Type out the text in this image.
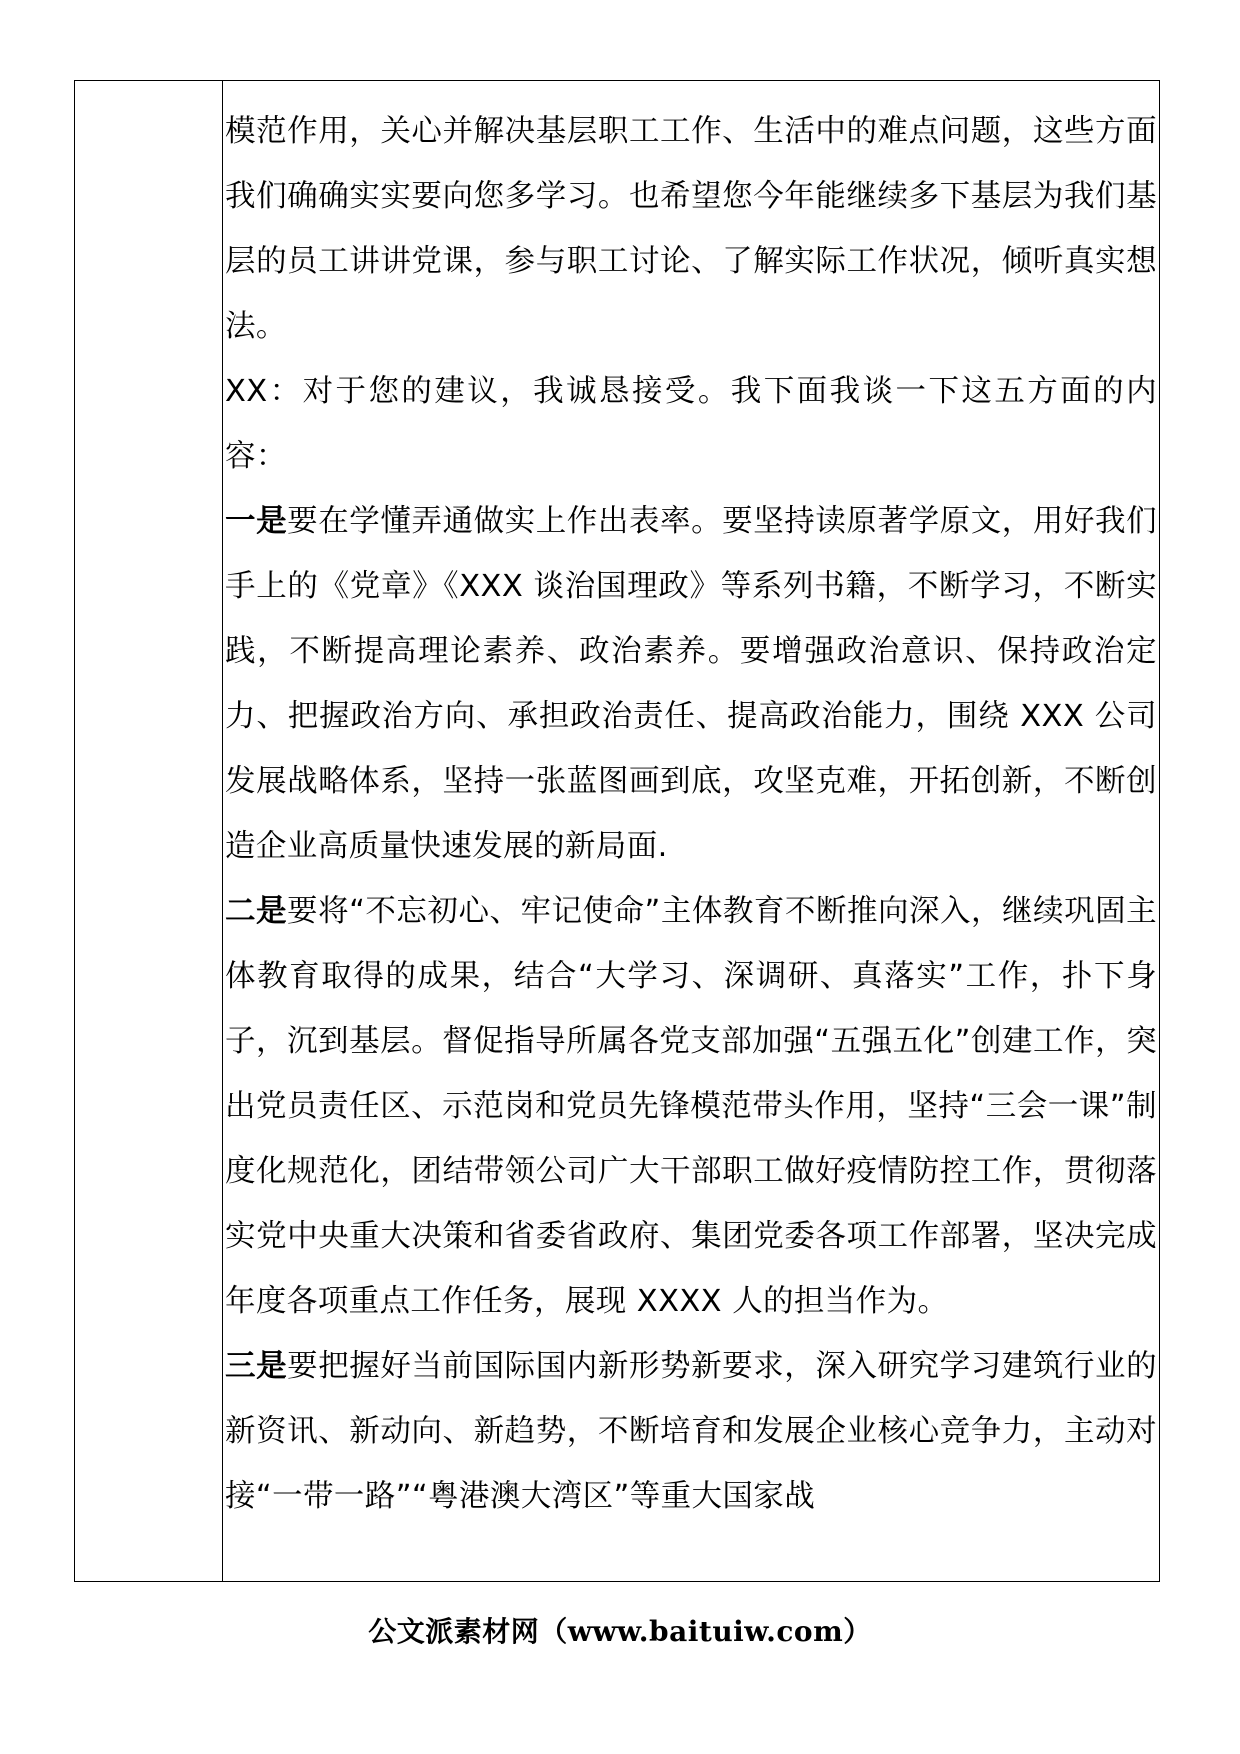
模范作用，关心并解决基层职工工作、生活中的难点问题，这些方面我们确确实实要向您多学习。也希望您今年能继续多下基层为我们基层的员工讲讲党课，参与职工讨论、了解实际工作状况，倾听真实想法。

XX：对于您的建议，我诚恳接受。我下面我谈一下这五方面的内容：

一是要在学懂弄通做实上作出表率。要坚持读原著学原文，用好我们手上的《党章》《XXX 谈治国理政》等系列书籍，不断学习，不断实践，不断提高理论素养、政治素养。要增强政治意识、保持政治定力、把握政治方向、承担政治责任、提高政治能力，围绕 XXX 公司发展战略体系，坚持一张蓝图画到底，攻坚克难，开拓创新，不断创造企业高质量快速发展的新局面.

二是要将“不忘初心、牢记使命”主体教育不断推向深入，继续巩固主体教育取得的成果，结合“大学习、深调研、真落实”工作，扑下身子，沉到基层。督促指导所属各党支部加强“五强五化”创建工作，突出党员责任区、示范岗和党员先锋模范带头作用，坚持“三会一课”制度化规范化，团结带领公司广大干部职工做好疫情防控工作，贯彻落实党中央重大决策和省委省政府、集团党委各项工作部署，坚决完成年度各项重点工作任务，展现 XXXX 人的担当作为。

三是要把握好当前国际国内新形势新要求，深入研究学习建筑行业的新资讯、新动向、新趋势，不断培育和发展企业核心竞争力，主动对接“一带一路”“粤港澳大湾区”等重大国家战

公文派素材网（www.baituiw.com）
